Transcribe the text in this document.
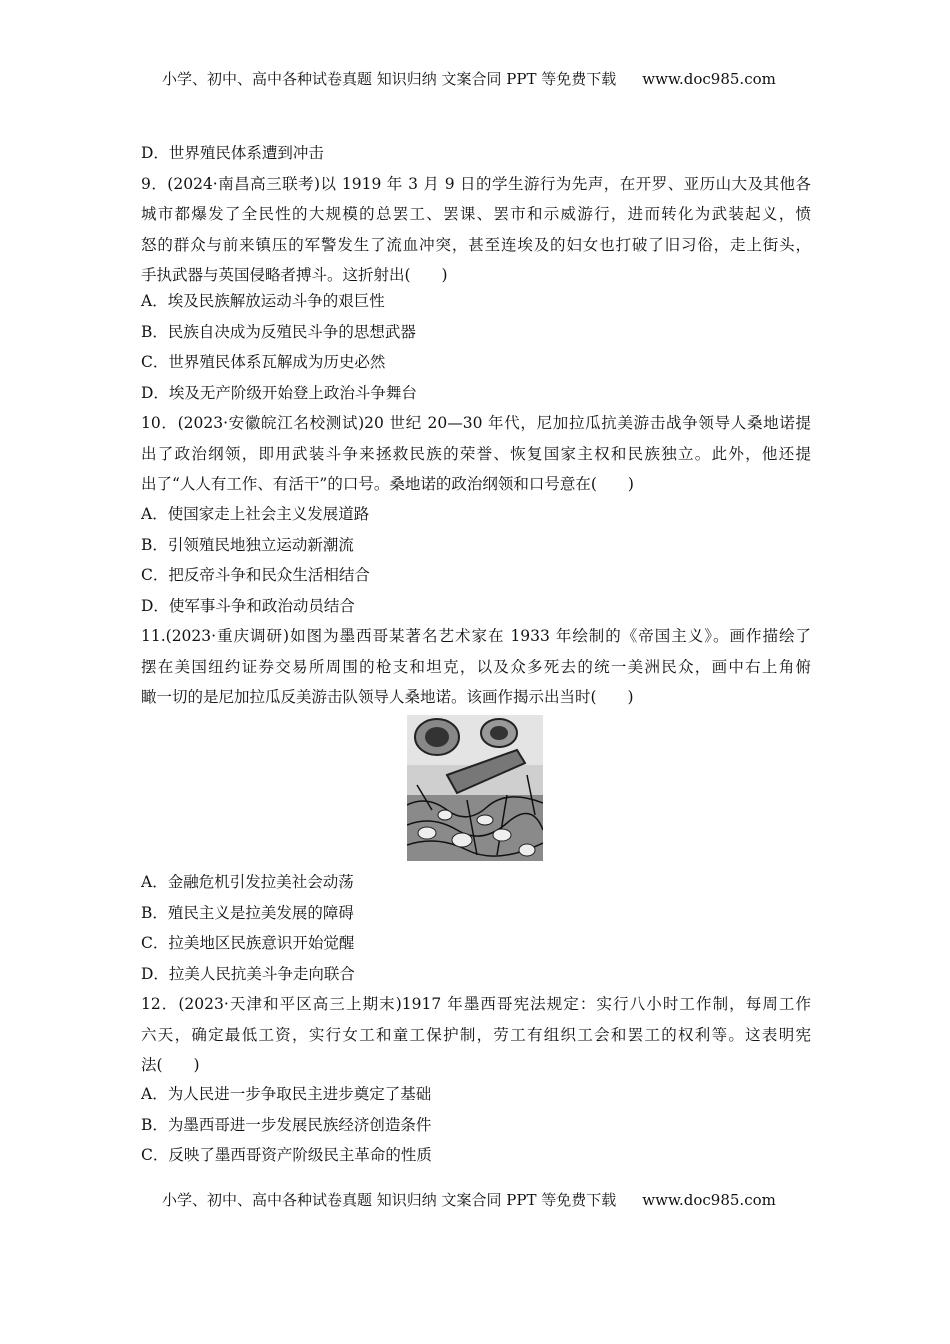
小学、初中、高中各种试卷真题 知识归纳 文案合同 PPT 等免费下载 www.doc985.com
D．世界殖民体系遭到冲击
9．(2024·南昌高三联考)以 1919 年 3 月 9 日的学生游行为先声，在开罗、亚历山大及其他各
城市都爆发了全民性的大规模的总罢工、罢课、罢市和示威游行，进而转化为武装起义，愤
怒的群众与前来镇压的军警发生了流血冲突，甚至连埃及的妇女也打破了旧习俗，走上街头，
手执武器与英国侵略者搏斗。这折射出(　　)
A．埃及民族解放运动斗争的艰巨性
B．民族自决成为反殖民斗争的思想武器
C．世界殖民体系瓦解成为历史必然
D．埃及无产阶级开始登上政治斗争舞台
10．(2023·安徽皖江名校测试)20 世纪 20—30 年代，尼加拉瓜抗美游击战争领导人桑地诺提
出了政治纲领，即用武装斗争来拯救民族的荣誉、恢复国家主权和民族独立。此外，他还提
出了“人人有工作、有活干”的口号。桑地诺的政治纲领和口号意在(　　)
A．使国家走上社会主义发展道路
B．引领殖民地独立运动新潮流
C．把反帝斗争和民众生活相结合
D．使军事斗争和政治动员结合
11.(2023·重庆调研)如图为墨西哥某著名艺术家在 1933 年绘制的《帝国主义》。画作描绘了
摆在美国纽约证券交易所周围的枪支和坦克，以及众多死去的统一美洲民众，画中右上角俯
瞰一切的是尼加拉瓜反美游击队领导人桑地诺。该画作揭示出当时(　　)
A．金融危机引发拉美社会动荡
B．殖民主义是拉美发展的障碍
C．拉美地区民族意识开始觉醒
D．拉美人民抗美斗争走向联合
12．(2023·天津和平区高三上期末)1917 年墨西哥宪法规定：实行八小时工作制，每周工作
六天，确定最低工资，实行女工和童工保护制，劳工有组织工会和罢工的权利等。这表明宪
法(　　)
A．为人民进一步争取民主进步奠定了基础
B．为墨西哥进一步发展民族经济创造条件
C．反映了墨西哥资产阶级民主革命的性质
小学、初中、高中各种试卷真题 知识归纳 文案合同 PPT 等免费下载 www.doc985.com
